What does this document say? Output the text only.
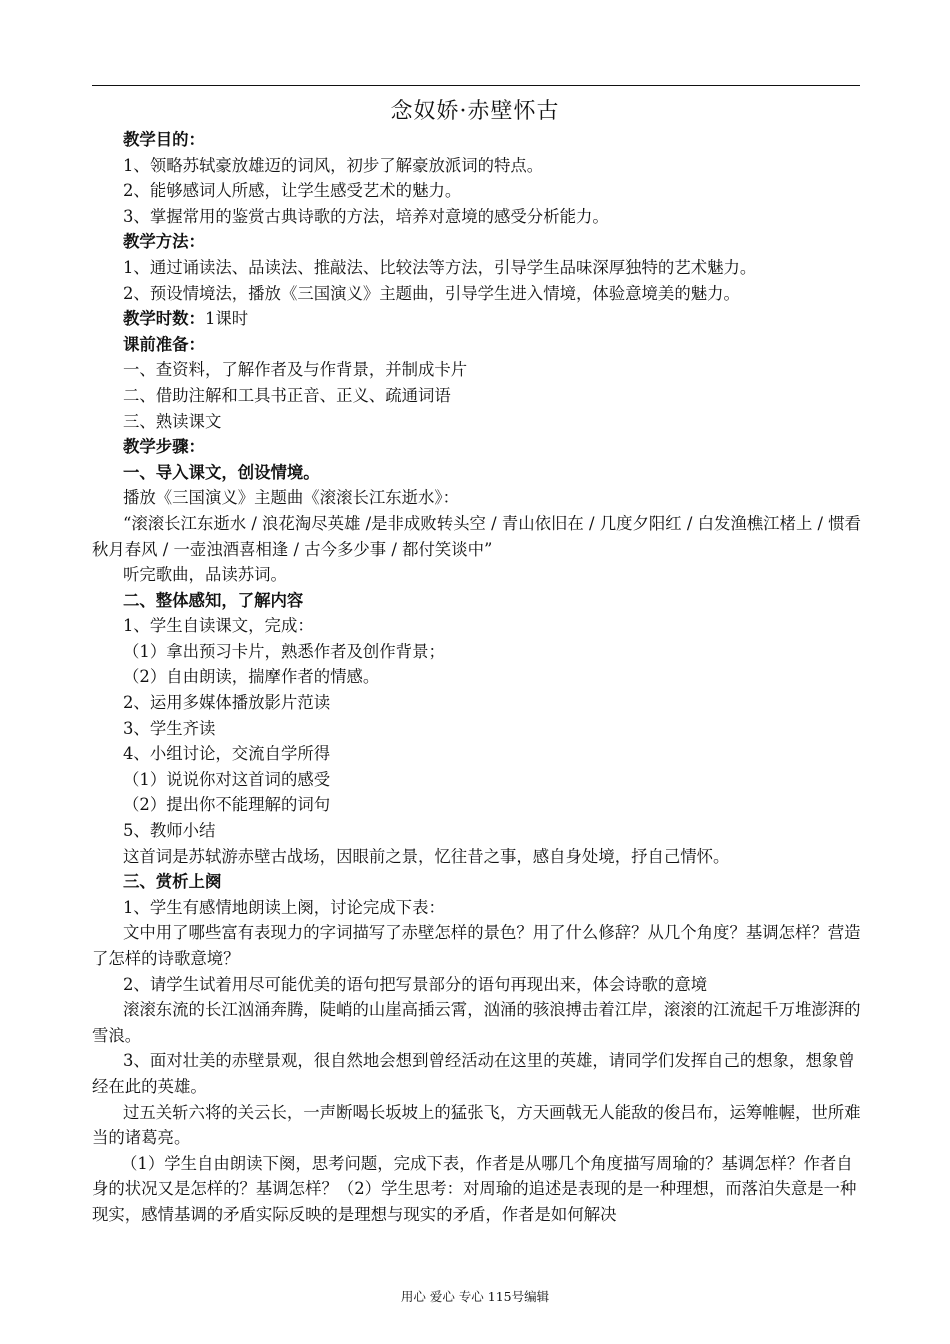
念奴娇·赤壁怀古

教学目的：

1、领略苏轼豪放雄迈的词风，初步了解豪放派词的特点。

2、能够感词人所感，让学生感受艺术的魅力。

3、掌握常用的鉴赏古典诗歌的方法，培养对意境的感受分析能力。

教学方法：

1、通过诵读法、品读法、推敲法、比较法等方法，引导学生品味深厚独特的艺术魅力。

2、预设情境法，播放《三国演义》主题曲，引导学生进入情境，体验意境美的魅力。

教学时数：1课时

课前准备：

一、查资料，了解作者及与作背景，并制成卡片

二、借助注解和工具书正音、正义、疏通词语

三、熟读课文

教学步骤：

一、导入课文，创设情境。

播放《三国演义》主题曲《滚滚长江东逝水》：

“滚滚长江东逝水 / 浪花淘尽英雄 /是非成败转头空 / 青山依旧在 / 几度夕阳红 / 白发渔樵江楮上 / 惯看秋月春风 / 一壶浊酒喜相逢 / 古今多少事 / 都付笑谈中”

听完歌曲，品读苏词。

二、整体感知，了解内容

1、学生自读课文，完成：

（1）拿出预习卡片，熟悉作者及创作背景；

（2）自由朗读，揣摩作者的情感。

2、运用多媒体播放影片范读

3、学生齐读

4、小组讨论，交流自学所得

（1）说说你对这首词的感受

（2）提出你不能理解的词句

5、教师小结

这首词是苏轼游赤壁古战场，因眼前之景，忆往昔之事，感自身处境，抒自己情怀。

三、赏析上阕

1、学生有感情地朗读上阕，讨论完成下表：

文中用了哪些富有表现力的字词描写了赤壁怎样的景色？用了什么修辞？从几个角度？基调怎样？营造了怎样的诗歌意境？

2、请学生试着用尽可能优美的语句把写景部分的语句再现出来，体会诗歌的意境

滚滚东流的长江汹涌奔腾，陡峭的山崖高插云霄，汹涌的骇浪搏击着江岸，滚滚的江流起千万堆澎湃的雪浪。

3、面对壮美的赤壁景观，很自然地会想到曾经活动在这里的英雄，请同学们发挥自己的想象，想象曾经在此的英雄。

过五关斩六将的关云长，一声断喝长坂坡上的猛张飞，方天画戟无人能敌的俊吕布，运筹帷幄，世所难当的诸葛亮。

（1）学生自由朗读下阕，思考问题，完成下表，作者是从哪几个角度描写周瑜的？基调怎样？作者自身的状况又是怎样的？基调怎样？（2）学生思考：对周瑜的追述是表现的是一种理想，而落泊失意是一种现实，感情基调的矛盾实际反映的是理想与现实的矛盾，作者是如何解决

用心 爱心 专心 115号编辑
